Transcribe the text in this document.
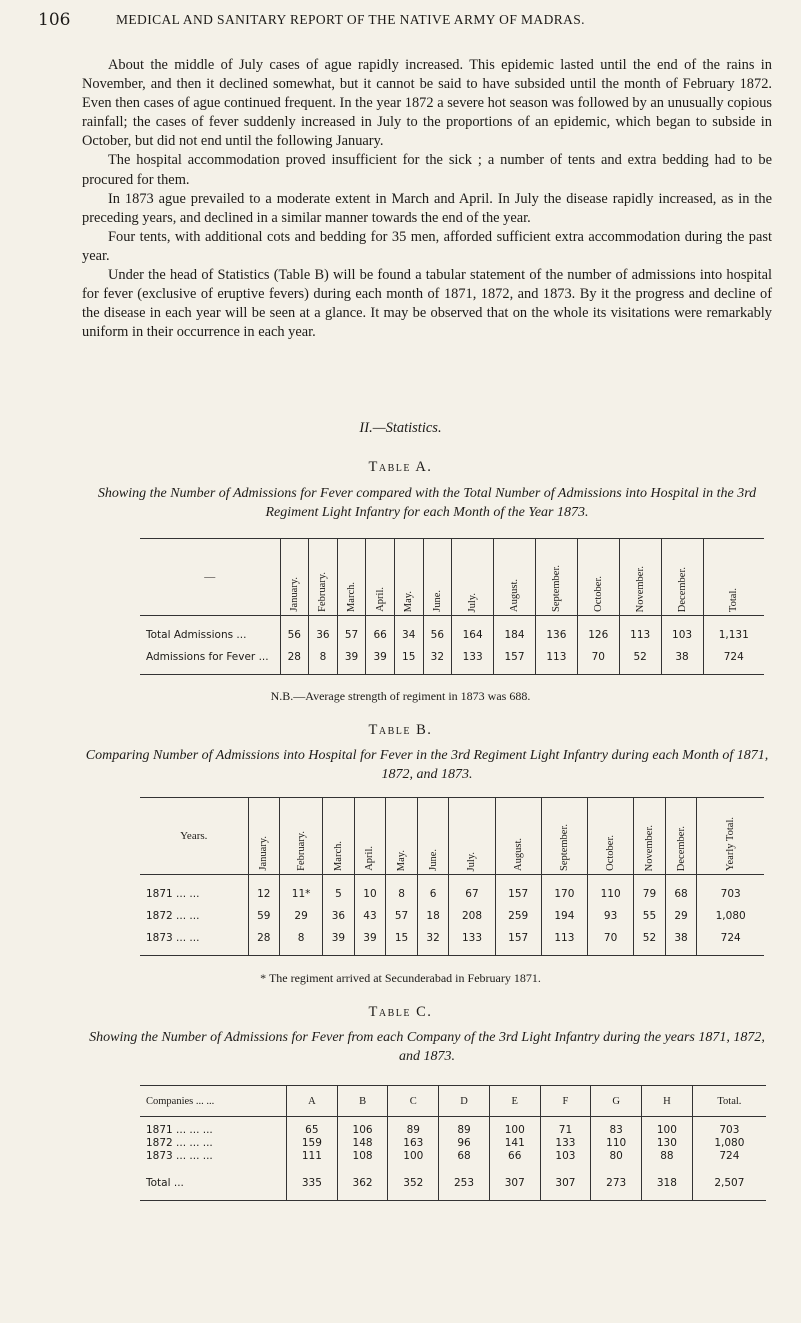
106	MEDICAL AND SANITARY REPORT OF THE NATIVE ARMY OF MADRAS.

About the middle of July cases of ague rapidly increased. This epidemic lasted until the end of the rains in November, and then it declined somewhat, but it cannot be said to have subsided until the month of February 1872. Even then cases of ague continued frequent. In the year 1872 a severe hot season was followed by an unusually copious rainfall; the cases of fever suddenly increased in July to the proportions of an epidemic, which began to subside in October, but did not end until the following January.

The hospital accommodation proved insufficient for the sick ; a number of tents and extra bedding had to be procured for them.

In 1873 ague prevailed to a moderate extent in March and April. In July the disease rapidly increased, as in the preceding years, and declined in a similar manner towards the end of the year.

Four tents, with additional cots and bedding for 35 men, afforded sufficient extra accommodation during the past year.

Under the head of Statistics (Table B) will be found a tabular statement of the number of admissions into hospital for fever (exclusive of eruptive fevers) during each month of 1871, 1872, and 1873. By it the progress and decline of the disease in each year will be seen at a glance. It may be observed that on the whole its visitations were remarkably uniform in their occurrence in each year.

II.—Statistics.
Table A.
Showing the Number of Admissions for Fever compared with the Total Number of Admissions into Hospital in the 3rd Regiment Light Infantry for each Month of the Year 1873.
—	January.	February.	March.	April.	May.	June.	July.	August.	September.	October.	November.	December.	Total.

Total Admissions ...	56	36	57	66	34	56	164	184	136	126	113	103	1,131
Admissions for Fever ...	28	8	39	39	15	32	133	157	113	70	52	38	724

N.B.—Average strength of regiment in 1873 was 688.
Table B.
Comparing Number of Admissions into Hospital for Fever in the 3rd Regiment Light Infantry during each Month of 1871, 1872, and 1873.
Years.	January.	February.	March.	April.	May.	June.	July.	August.	September.	October.	November.	December.	Yearly Total.

1871 ... ...	12	11*	5	10	8	6	67	157	170	110	79	68	703
1872 ... ...	59	29	36	43	57	18	208	259	194	93	55	29	1,080
1873 ... ...	28	8	39	39	15	32	133	157	113	70	52	38	724

* The regiment arrived at Secunderabad in February 1871.
Table C.
Showing the Number of Admissions for Fever from each Company of the 3rd Light Infantry during the years 1871, 1872, and 1873.
Companies ... ...	A	B	C	D	E	F	G	H	Total.

1871 ... ... ...	65	106	89	89	100	71	83	100	703
1872 ... ... ...	159	148	163	96	141	133	110	130	1,080
1873 ... ... ...	111	108	100	68	66	103	80	88	724

Total ...	335	362	352	253	307	307	273	318	2,507
